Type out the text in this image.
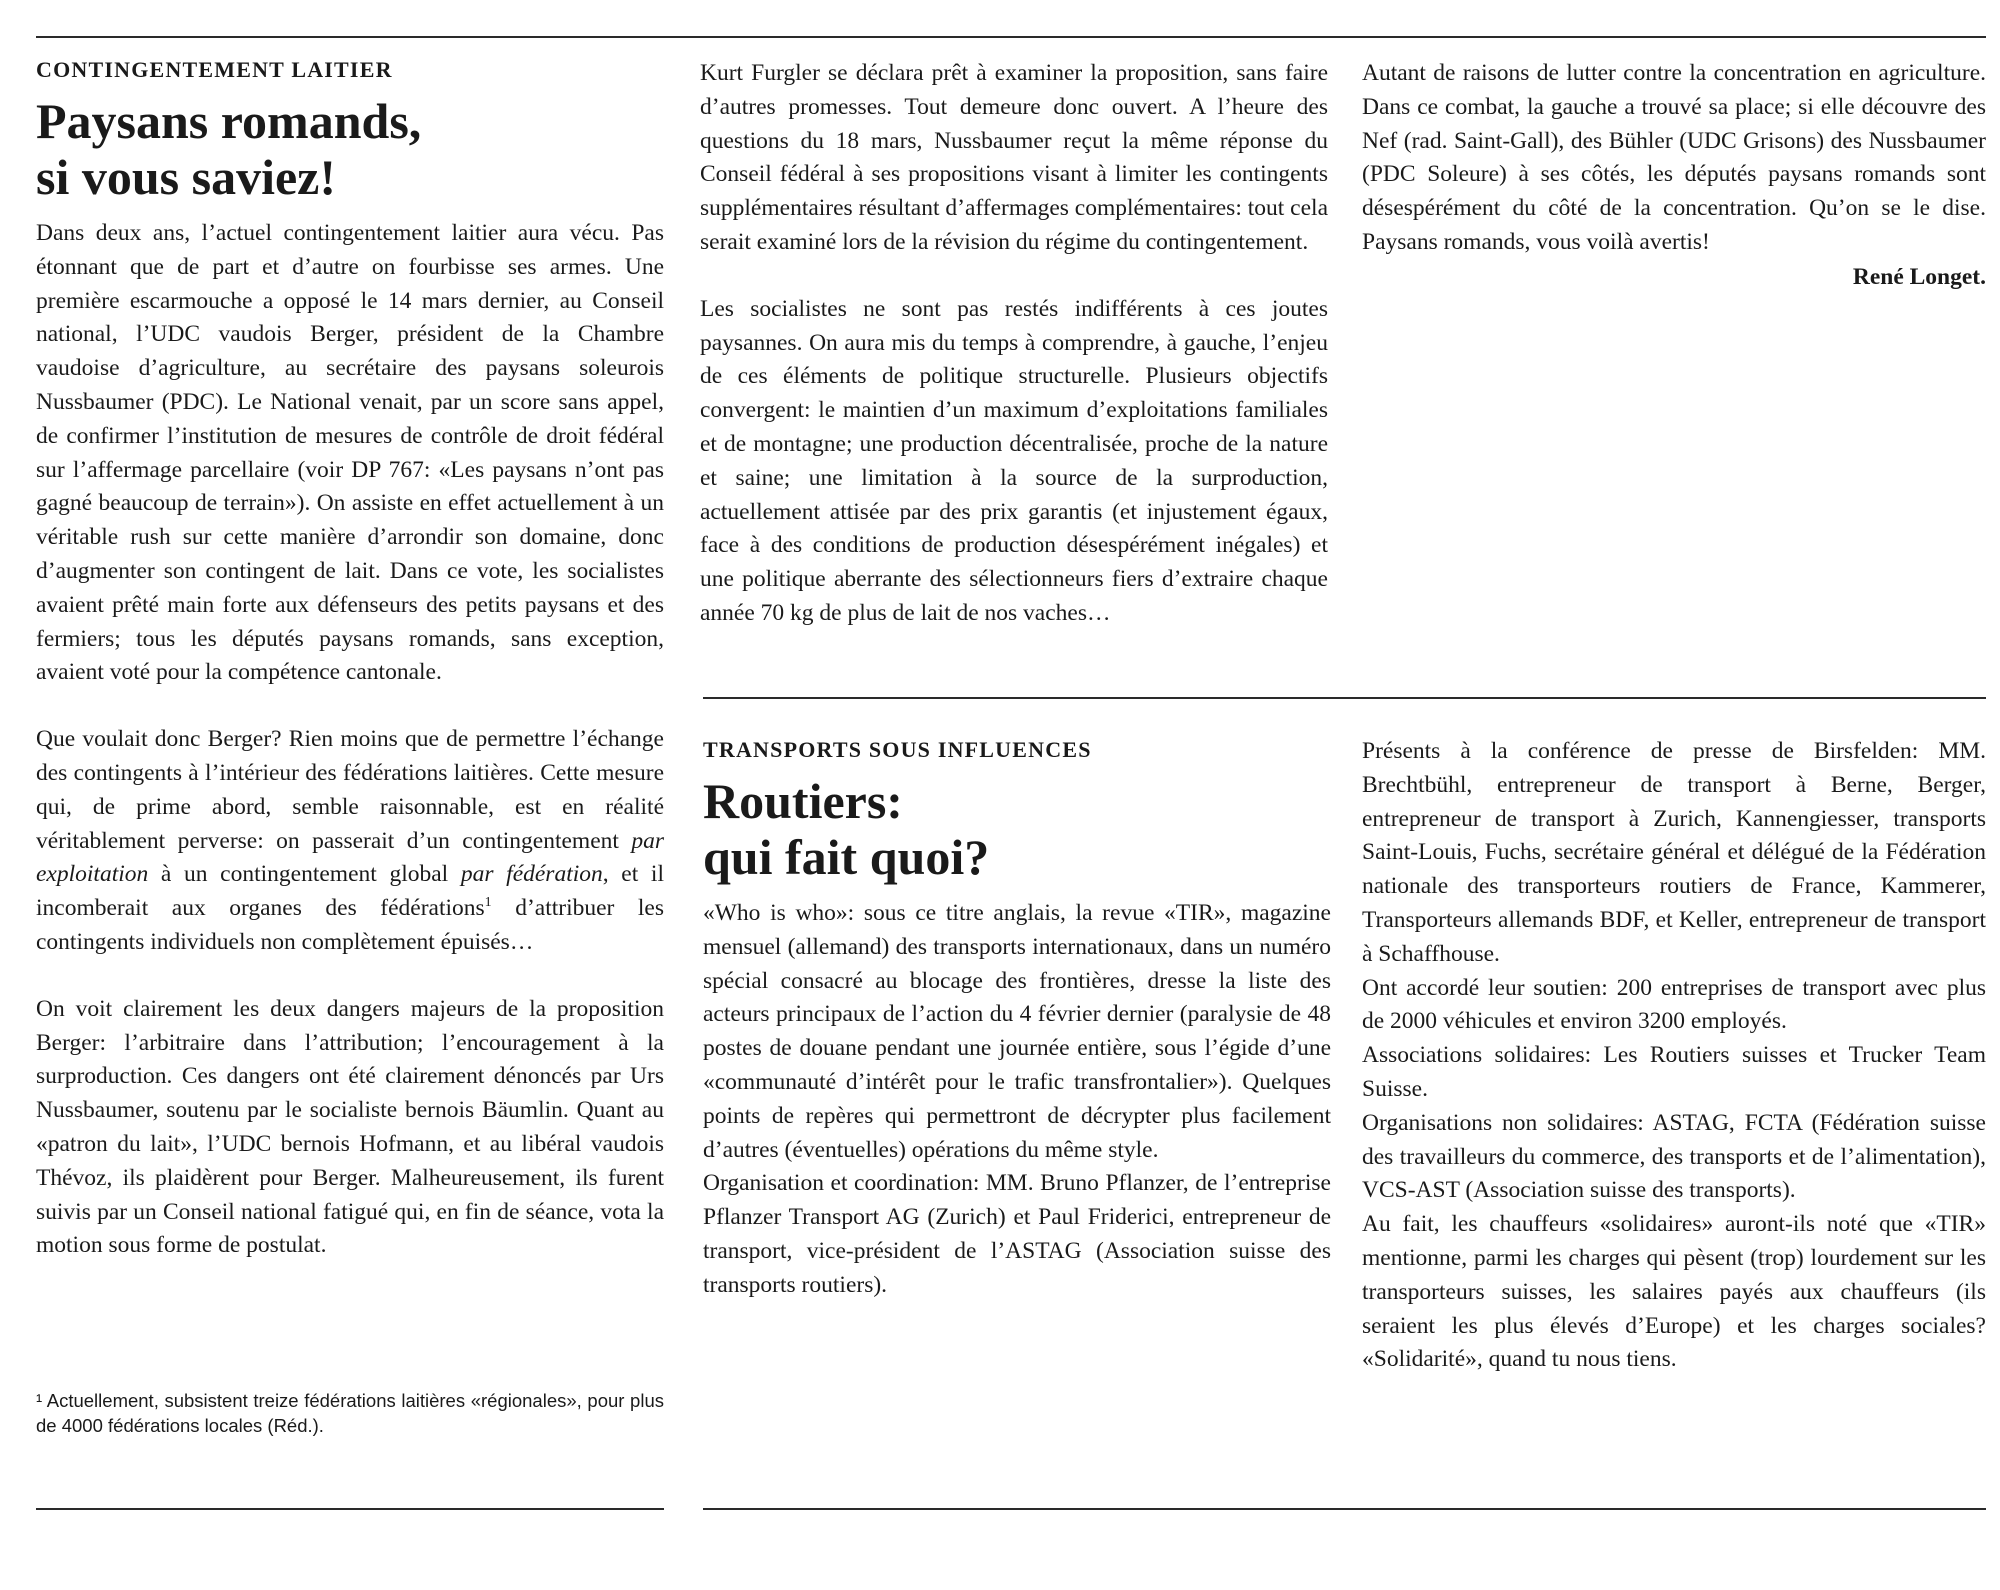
CONTINGENTEMENT LAITIER

Paysans romands,
si vous saviez!

Dans deux ans, l’actuel contingentement laitier aura vécu. Pas étonnant que de part et d’autre on fourbisse ses armes. Une première escarmouche a opposé le 14 mars dernier, au Conseil national, l’UDC vaudois Berger, président de la Chambre vaudoise d’agriculture, au secrétaire des paysans soleurois Nussbaumer (PDC). Le National venait, par un score sans appel, de confirmer l’institution de mesures de contrôle de droit fédéral sur l’affermage parcellaire (voir DP 767: «Les paysans n’ont pas gagné beaucoup de terrain»). On assiste en effet actuellement à un véritable rush sur cette manière d’arrondir son domaine, donc d’augmenter son contingent de lait. Dans ce vote, les socialistes avaient prêté main forte aux défenseurs des petits paysans et des fermiers; tous les députés paysans romands, sans exception, avaient voté pour la compétence cantonale.

Que voulait donc Berger? Rien moins que de permettre l’échange des contingents à l’intérieur des fédérations laitières. Cette mesure qui, de prime abord, semble raisonnable, est en réalité véritablement perverse: on passerait d’un contingentement par exploitation à un contingentement global par fédération, et il incomberait aux organes des fédérations$^1$ d’attribuer les contingents individuels non complètement épuisés…

On voit clairement les deux dangers majeurs de la proposition Berger: l’arbitraire dans l’attribution; l’encouragement à la surproduction. Ces dangers ont été clairement dénoncés par Urs Nussbaumer, soutenu par le socialiste bernois Bäumlin. Quant au «patron du lait», l’UDC bernois Hofmann, et au libéral vaudois Thévoz, ils plaidèrent pour Berger. Malheureusement, ils furent suivis par un Conseil national fatigué qui, en fin de séance, vota la motion sous forme de postulat.

¹ Actuellement, subsistent treize fédérations laitières «régionales», pour plus de 4000 fédérations locales (Réd.).

Kurt Furgler se déclara prêt à examiner la proposition, sans faire d’autres promesses. Tout demeure donc ouvert. A l’heure des questions du 18 mars, Nussbaumer reçut la même réponse du Conseil fédéral à ses propositions visant à limiter les contingents supplémentaires résultant d’affermages complémentaires: tout cela serait examiné lors de la révision du régime du contingentement.

Les socialistes ne sont pas restés indifférents à ces joutes paysannes. On aura mis du temps à comprendre, à gauche, l’enjeu de ces éléments de politique structurelle. Plusieurs objectifs convergent: le maintien d’un maximum d’exploitations familiales et de montagne; une production décentralisée, proche de la nature et saine; une limitation à la source de la surproduction, actuellement attisée par des prix garantis (et injustement égaux, face à des conditions de production désespérément inégales) et une politique aberrante des sélectionneurs fiers d’extraire chaque année 70 kg de plus de lait de nos vaches…

Autant de raisons de lutter contre la concentration en agriculture. Dans ce combat, la gauche a trouvé sa place; si elle découvre des Nef (rad. Saint-Gall), des Bühler (UDC Grisons) des Nussbaumer (PDC Soleure) à ses côtés, les députés paysans romands sont désespérément du côté de la concentration. Qu’on se le dise. Paysans romands, vous voilà avertis!

René Longet.

TRANSPORTS SOUS INFLUENCES

Routiers:
qui fait quoi?

«Who is who»: sous ce titre anglais, la revue «TIR», magazine mensuel (allemand) des transports internationaux, dans un numéro spécial consacré au blocage des frontières, dresse la liste des acteurs principaux de l’action du 4 février dernier (paralysie de 48 postes de douane pendant une journée entière, sous l’égide d’une «communauté d’intérêt pour le trafic transfrontalier»). Quelques points de repères qui permettront de décrypter plus facilement d’autres (éventuelles) opérations du même style.

Organisation et coordination: MM. Bruno Pflanzer, de l’entreprise Pflanzer Transport AG (Zurich) et Paul Friderici, entrepreneur de transport, vice-président de l’ASTAG (Association suisse des transports routiers).

Présents à la conférence de presse de Birsfelden: MM. Brechtbühl, entrepreneur de transport à Berne, Berger, entrepreneur de transport à Zurich, Kannengiesser, transports Saint-Louis, Fuchs, secrétaire général et délégué de la Fédération nationale des transporteurs routiers de France, Kammerer, Transporteurs allemands BDF, et Keller, entrepreneur de transport à Schaffhouse.

Ont accordé leur soutien: 200 entreprises de transport avec plus de 2000 véhicules et environ 3200 employés.

Associations solidaires: Les Routiers suisses et Trucker Team Suisse.

Organisations non solidaires: ASTAG, FCTA (Fédération suisse des travailleurs du commerce, des transports et de l’alimentation), VCS-AST (Association suisse des transports).

Au fait, les chauffeurs «solidaires» auront-ils noté que «TIR» mentionne, parmi les charges qui pèsent (trop) lourdement sur les transporteurs suisses, les salaires payés aux chauffeurs (ils seraient les plus élevés d’Europe) et les charges sociales? «Solidarité», quand tu nous tiens.
